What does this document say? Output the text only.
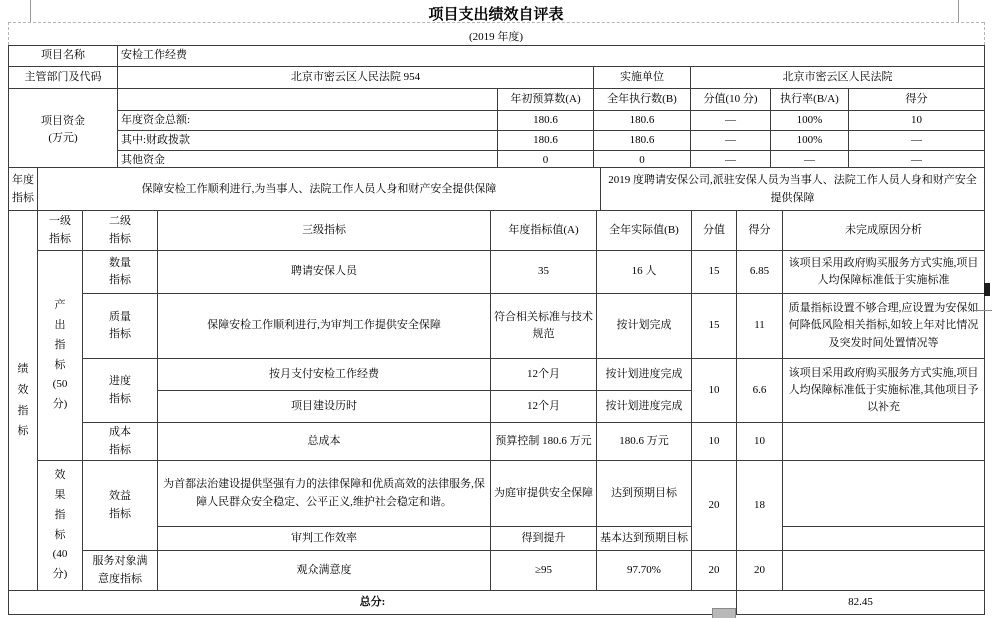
项目支出绩效自评表
(2019 年度)
项目名称	安检工作经费					
主管部门及代码	北京市密云区人民法院 954		实施单位	北京市密云区人民法院		

项目资金(万元)		年初预算数(A)	全年执行数(B)	分值(10 分)	执行率(B/A)	得分
	年度资金总额:	180.6	180.6	—	100%	10
	其中:财政拨款	180.6	180.6	—	100%	—
	其他资金	0	0	—	—	—
年度指标	保障安检工作顺利进行,为当事人、法院工作人员人身和财产安全提供保障	2019 度聘请安保公司,派驻安保人员为当事人、法院工作人员人身和财产安全提供保障
绩效指标	一级指标	二级指标	三级指标	年度指标值(A)	全年实际值(B)	分值	得分	未完成原因分析

	产出指标(50分)	数量指标	聘请安保人员	35	16 人	15	6.85	该项目采用政府购买服务方式实施,项目人均保障标准低于实施标准

		质量指标	保障安检工作顺利进行,为审判工作提供安全保障	符合相关标准与技术规范	按计划完成	15	11	质量指标设置不够合理,应设置为安保如何降低风险相关指标,如较上年对比情况及突发时间处置情况等

		进度指标	按月支付安检工作经费	12个月	按计划进度完成	10	6.6	该项目采用政府购买服务方式实施,项目人均保障标准低于实施标准,其他项目予以补充
			项目建设历时	12个月	按计划进度完成			

		成本指标	总成本	预算控制 180.6 万元	180.6 万元	10	10	

	效果指标(40分)	效益指标	为首都法治建设提供坚强有力的法律保障和优质高效的法律服务,保障人民群众安全稳定、公平正义,维护社会稳定和谐。	为庭审提供安全保障	达到预期目标	20	18	
			审判工作效率	得到提升	基本达到预期目标			

		服务对象满意度指标	观众满意度	≥95	97.70%	20	20	
总分:							82.45	
